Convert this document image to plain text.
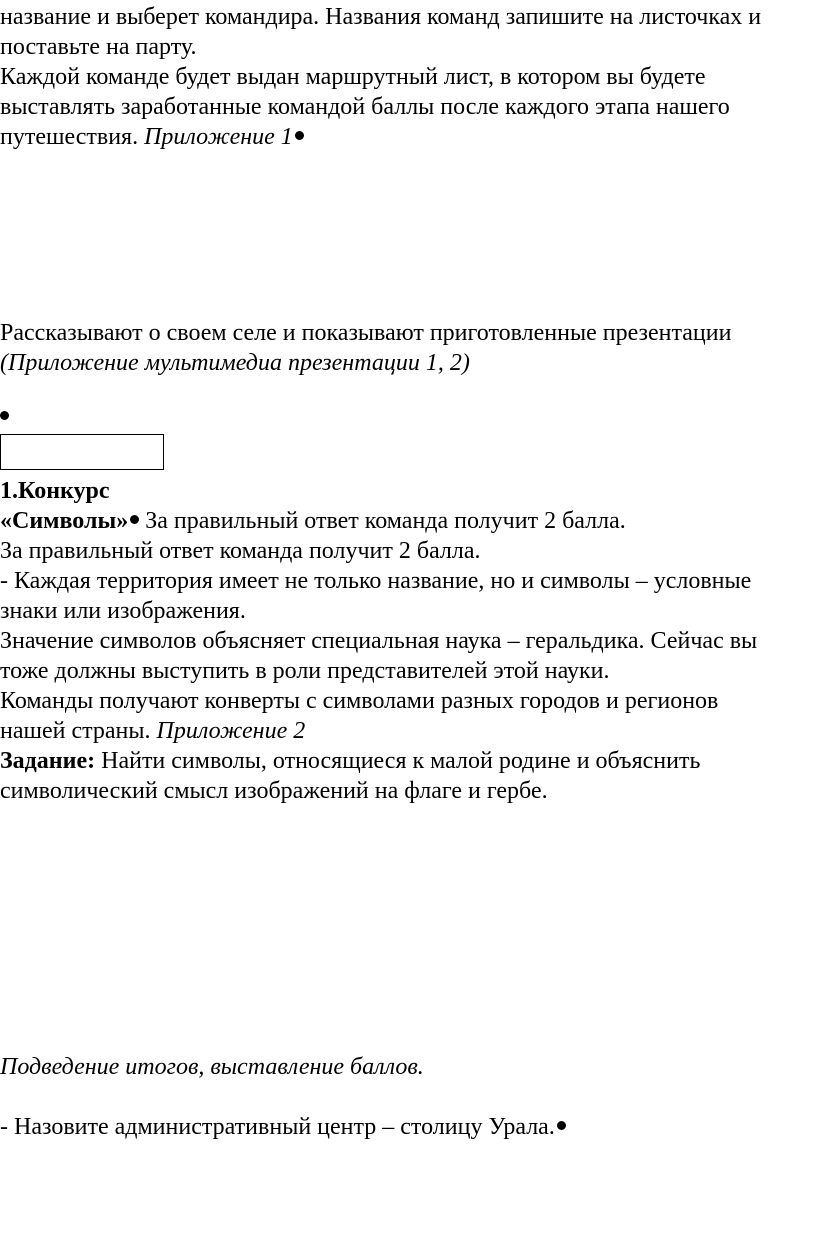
название и выберет командира. Названия команд запишите на листочках и

поставьте на парту.

Каждой команде будет выдан маршрутный лист, в котором вы будете

выставлять заработанные командой баллы после каждого этапа нашего

путешествия. Приложение 1

Рассказывают о своем селе и показывают приготовленные презентации

(Приложение мультимедиа презентации 1, 2)

1.Конкурс

«Символы» За правильный ответ команда получит 2 балла.

За правильный ответ команда получит 2 балла.

- Каждая территория имеет не только название, но и символы – условные

знаки или изображения.

Значение символов объясняет специальная наука – геральдика. Сейчас вы

тоже должны выступить в роли представителей этой науки.

Команды получают конверты с символами разных городов и регионов

нашей страны. Приложение 2

Задание: Найти символы, относящиеся к малой родине и объяснить

символический смысл изображений на флаге и гербе.

Подведение итогов, выставление баллов.

- Назовите административный центр – столицу Урала.
